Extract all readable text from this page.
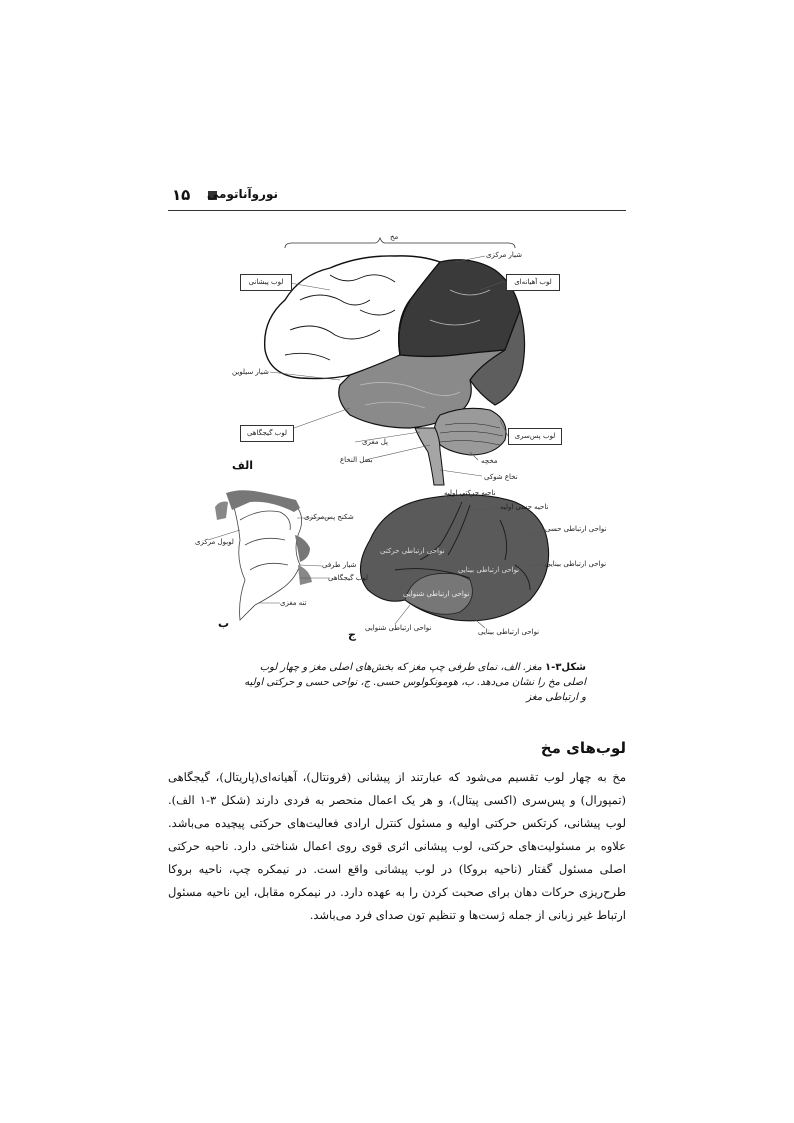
۱۵ نوروآناتومی
مخ
شیار مرکزی
لوب پیشانی	لوب آهیانه‌ای
شیار سیلوین
لوب گیجگاهی	لوب پس‌سری
پل مغزی
بصل النخاع	مخچه
نخاع شوکی
الف
شکنج پس‌مرکزی
لوبول مرکزی
شیار طرفی
لوب گیجگاهی
تنه مغزی
ب
ناحیه حرکتی اولیه
ناحیه حسی اولیه
نواحی ارتباطی حسی
نواحی ارتباطی بینایی
نواحی ارتباطی حرکتی
نواحی ارتباطی بینایی
نواحی ارتباطی شنوایی
نواحی ارتباطی شنوایی	نواحی ارتباطی بینایی
ج
شکل۳-۱ مغز. الف، نمای طرفی چپ مغز که بخش‌های اصلی مغز و چهار لوب اصلی مخ را نشان می‌دهد. ب، هومونکولوس حسی. ج، نواحی حسی و حرکتی اولیه و ارتباطی مغز
لوب‌های مخ
مخ به چهار لوب تقسیم می‌شود که عبارتند از پیشانی (فرونتال)، آهیانه‌ای(پاریتال)، گیجگاهی (تمپورال) و پس‌سری (اکسی پیتال)، و هر یک اعمال منحصر به فردی دارند (شکل ۳-۱ الف). لوب پیشانی، کرتکس حرکتی اولیه و مسئول کنترل ارادی فعالیت‌های حرکتی پیچیده می‌باشد. علاوه بر مسئولیت‌های حرکتی، لوب پیشانی اثری قوی روی اعمال شناختی دارد. ناحیه حرکتی اصلی مسئول گفتار (ناحیه بروکا) در لوب پیشانی واقع است. در نیمکره چپ، ناحیه بروکا طرح‌ریزی حرکات دهان برای صحبت کردن را به عهده دارد. در نیمکره مقابل، این ناحیه مسئول ارتباط غیر زبانی از جمله ژست‌ها و تنظیم تون صدای فرد می‌باشد.
